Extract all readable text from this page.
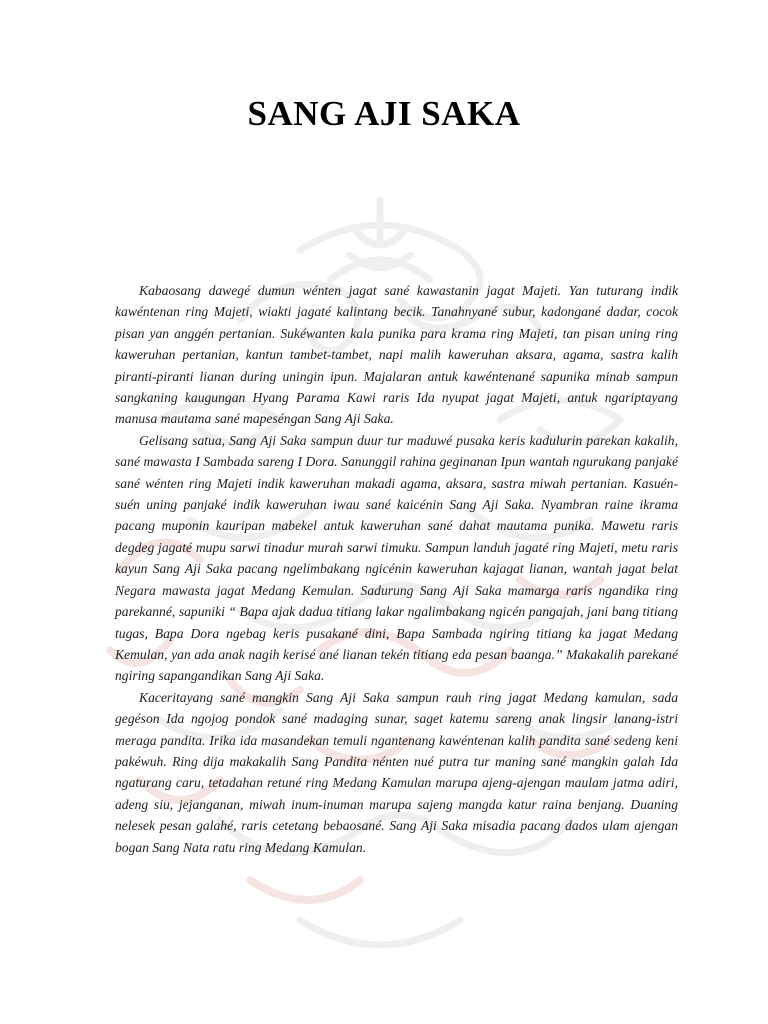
SANG AJI SAKA

Kabaosang dawegé dumun wénten jagat sané kawastanin jagat Majeti. Yan tuturang indik kawéntenan ring Majeti, wiakti jagaté kalintang becik. Tanahnyané subur, kadongané dadar, cocok pisan yan anggén pertanian. Sukéwanten kala punika para krama ring Majeti, tan pisan uning ring kaweruhan pertanian, kantun tambet-tambet, napi malih kaweruhan aksara, agama, sastra kalih piranti-piranti lianan during uningin ipun. Majalaran antuk kawéntenané sapunika minab sampun sangkaning kaugungan Hyang Parama Kawi raris Ida nyupat jagat Majeti, antuk ngariptayang manusa mautama sané mapeséngan Sang Aji Saka.

Gelisang satua, Sang Aji Saka sampun duur tur maduwé pusaka keris kadulurin parekan kakalih, sané mawasta I Sambada sareng I Dora. Sanunggil rahina geginanan Ipun wantah ngurukang panjaké sané wénten ring Majeti indik kaweruhan makadi agama, aksara, sastra miwah pertanian. Kasuén-suén uning panjaké indik kaweruhan iwau sané kaicénin Sang Aji Saka. Nyambran raine ikrama pacang muponin kauripan mabekel antuk kaweruhan sané dahat mautama punika. Mawetu raris degdeg jagaté mupu sarwi tinadur murah sarwi timuku. Sampun landuh jagaté ring Majeti, metu raris kayun Sang Aji Saka pacang ngelimbakang ngicénin kaweruhan kajagat lianan, wantah jagat belat Negara mawasta jagat Medang Kemulan. Sadurung Sang Aji Saka mamarga raris ngandika ring parekanné, sapuniki “ Bapa ajak dadua titiang lakar ngalimbakang ngicén pangajah, jani bang titiang tugas, Bapa Dora ngebag keris pusakané dini, Bapa Sambada ngiring titiang ka jagat Medang Kemulan, yan ada anak nagih kerisé ané lianan tekén titiang eda pesan baanga.” Makakalih parekané ngiring sapangandikan Sang Aji Saka.

Kaceritayang sané mangkin Sang Aji Saka sampun rauh ring jagat Medang kamulan, sada gegéson Ida ngojog pondok sané madaging sunar, saget katemu sareng anak lingsir lanang-istri meraga pandita. Irika ida masandekan temuli ngantenang kawéntenan kalih pandita sané sedeng keni pakéwuh. Ring dija makakalih Sang Pandita nénten nué putra tur maning sané mangkin galah Ida ngaturang caru, tetadahan retuné ring Medang Kamulan marupa ajeng-ajengan maulam jatma adiri, adeng siu, jejanganan, miwah inum-inuman marupa sajeng mangda katur raina benjang. Duaning nelesek pesan galahé, raris cetetang bebaosané. Sang Aji Saka misadia pacang dados ulam ajengan bogan Sang Nata ratu ring Medang Kamulan.
